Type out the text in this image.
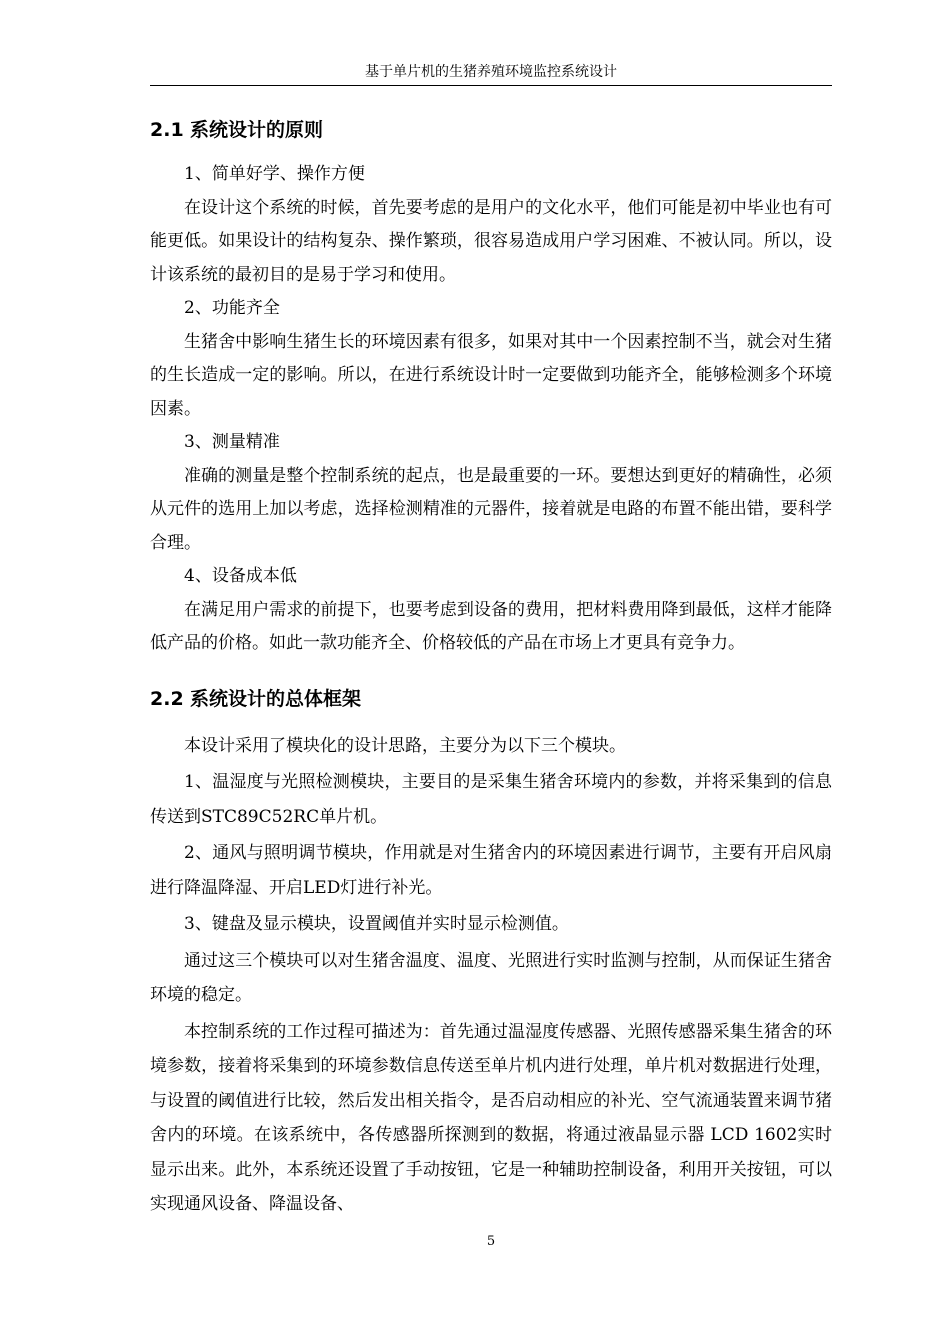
基于单片机的生猪养殖环境监控系统设计
2.1 系统设计的原则

1、简单好学、操作方便

在设计这个系统的时候，首先要考虑的是用户的文化水平，他们可能是初中毕业也有可能更低。如果设计的结构复杂、操作繁琐，很容易造成用户学习困难、不被认同。所以，设计该系统的最初目的是易于学习和使用。

2、功能齐全

生猪舍中影响生猪生长的环境因素有很多，如果对其中一个因素控制不当，就会对生猪的生长造成一定的影响。所以，在进行系统设计时一定要做到功能齐全，能够检测多个环境因素。

3、测量精准

准确的测量是整个控制系统的起点，也是最重要的一环。要想达到更好的精确性，必须从元件的选用上加以考虑，选择检测精准的元器件，接着就是电路的布置不能出错，要科学合理。

4、设备成本低

在满足用户需求的前提下，也要考虑到设备的费用，把材料费用降到最低，这样才能降低产品的价格。如此一款功能齐全、价格较低的产品在市场上才更具有竞争力。

2.2 系统设计的总体框架

本设计采用了模块化的设计思路，主要分为以下三个模块。

1、温湿度与光照检测模块，主要目的是采集生猪舍环境内的参数，并将采集到的信息传送到STC89C52RC单片机。

2、通风与照明调节模块，作用就是对生猪舍内的环境因素进行调节，主要有开启风扇进行降温降湿、开启LED灯进行补光。

3、键盘及显示模块，设置阈值并实时显示检测值。

通过这三个模块可以对生猪舍温度、温度、光照进行实时监测与控制，从而保证生猪舍环境的稳定。

本控制系统的工作过程可描述为：首先通过温湿度传感器、光照传感器采集生猪舍的环境参数，接着将采集到的环境参数信息传送至单片机内进行处理，单片机对数据进行处理，与设置的阈值进行比较，然后发出相关指令，是否启动相应的补光、空气流通装置来调节猪舍内的环境。在该系统中，各传感器所探测到的数据，将通过液晶显示器 LCD 1602实时显示出来。此外，本系统还设置了手动按钮，它是一种辅助控制设备，利用开关按钮，可以实现通风设备、降温设备、

5
